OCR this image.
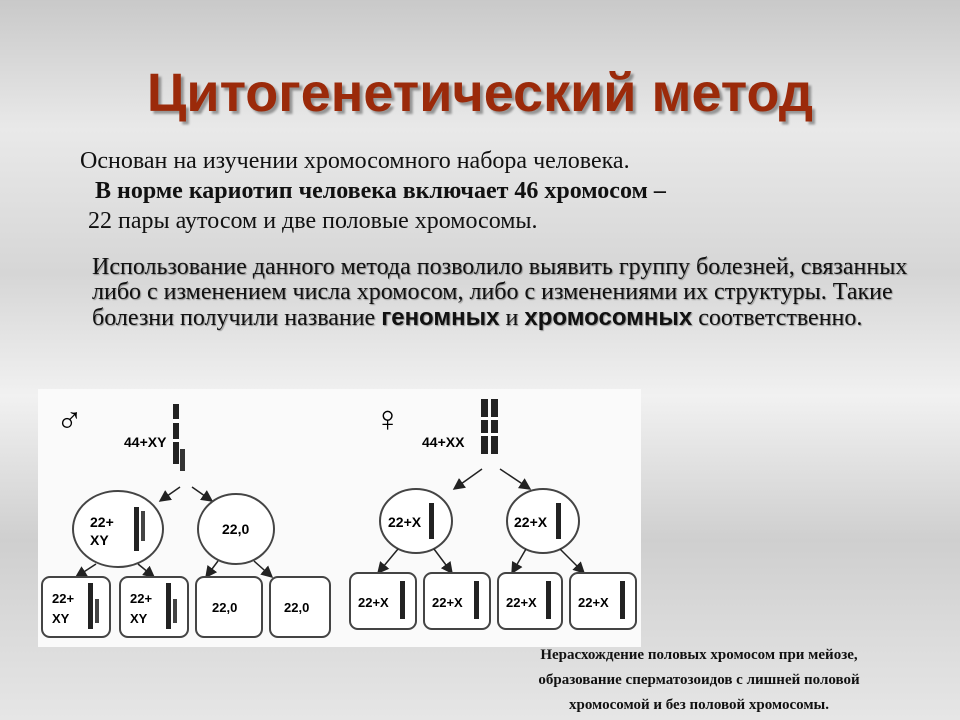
Цитогенетический метод
Основан на изучении хромосомного набора человека.
В норме кариотип человека включает 46 хромосом –
22 пары аутосом и две половые хромосомы.
Использование данного метода позволило выявить группу болезней, связанных либо с изменением числа хромосом, либо с изменениями их структуры. Такие болезни получили название геномных и хромосомных соответственно.
♂
44+XY
22+
XY
22,0
22+
XY
22+
XY
22,0	22,0
♀
44+XX
22+X	22+X
22+X	22+X	22+X	22+X
Нерасхождение половых хромосом при мейозе,
образование сперматозоидов с лишней половой
хромосомой и без половой хромосомы.
